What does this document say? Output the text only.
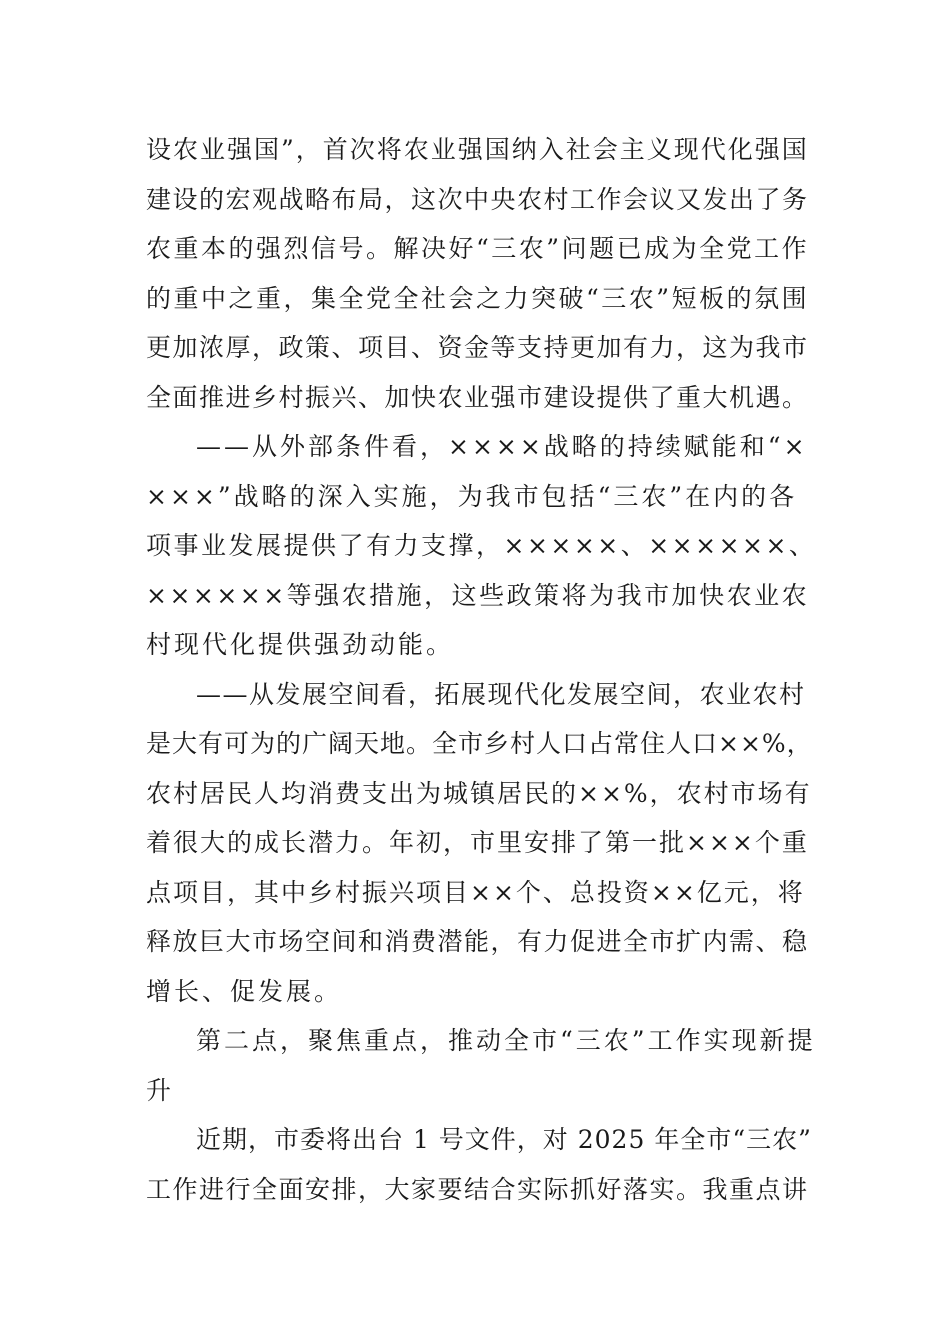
设农业强国”，首次将农业强国纳入社会主义现代化强国
建设的宏观战略布局，这次中央农村工作会议又发出了务
农重本的强烈信号。解决好“三农”问题已成为全党工作
的重中之重，集全党全社会之力突破“三农”短板的氛围
更加浓厚，政策、项目、资金等支持更加有力，这为我市
全面推进乡村振兴、加快农业强市建设提供了重大机遇。
——从外部条件看，××××战略的持续赋能和“×
×××”战略的深入实施，为我市包括“三农”在内的各
项事业发展提供了有力支撑，×××××、××××××、
××××××等强农措施，这些政策将为我市加快农业农
村现代化提供强劲动能。
——从发展空间看，拓展现代化发展空间，农业农村
是大有可为的广阔天地。全市乡村人口占常住人口××%，
农村居民人均消费支出为城镇居民的××%，农村市场有
着很大的成长潜力。年初，市里安排了第一批×××个重
点项目，其中乡村振兴项目××个、总投资××亿元，将
释放巨大市场空间和消费潜能，有力促进全市扩内需、稳
增长、促发展。
第二点，聚焦重点，推动全市“三农”工作实现新提
升
近期，市委将出台 1 号文件，对 2025 年全市“三农”
工作进行全面安排，大家要结合实际抓好落实。我重点讲
